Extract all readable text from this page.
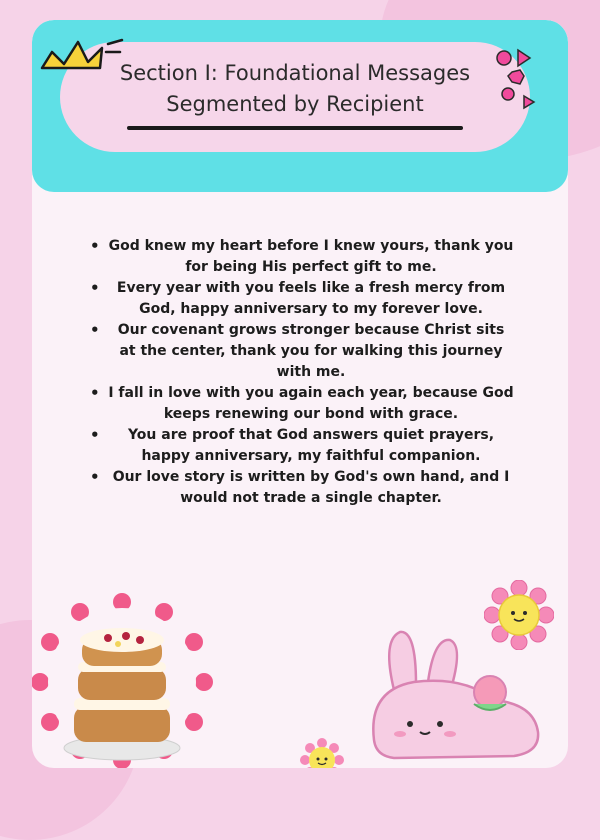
Section I: Foundational Messages
Segmented by Recipient
• God knew my heart before I knew yours, thank you for being His perfect gift to me.
• Every year with you feels like a fresh mercy from God, happy anniversary to my forever love.
• Our covenant grows stronger because Christ sits at the center, thank you for walking this journey with me.
• I fall in love with you again each year, because God keeps renewing our bond with grace.
• You are proof that God answers quiet prayers, happy anniversary, my faithful companion.
• Our love story is written by God's own hand, and I would not trade a single chapter.
